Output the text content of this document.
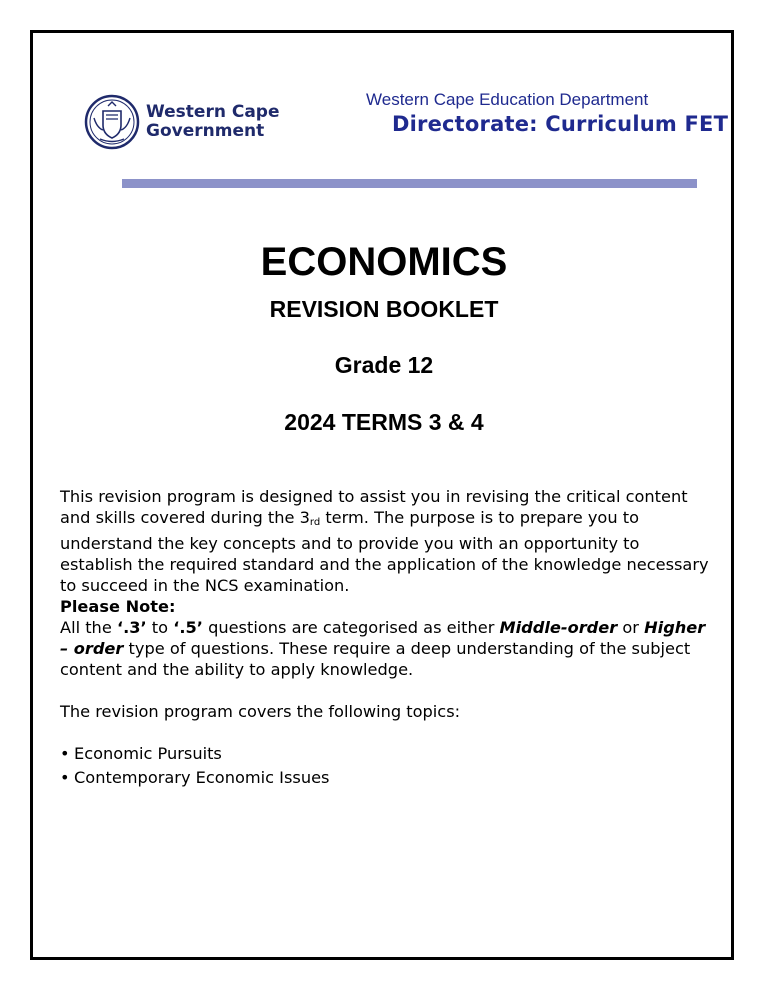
Western Cape
Government
Western Cape Education Department
Directorate: Curriculum FET
ECONOMICS
REVISION BOOKLET
Grade 12
2024 TERMS 3 & 4

This revision program is designed to assist you in revising the critical content and skills covered during the $3_{rd}$ term. The purpose is to prepare you to understand the key concepts and to provide you with an opportunity to establish the required standard and the application of the knowledge necessary to succeed in the NCS examination.

Please Note:

All the ‘.3’ to ‘.5’ questions are categorised as either Middle-order or Higher – order type of questions. These require a deep understanding of the subject content and the ability to apply knowledge.

The revision program covers the following topics:

• Economic Pursuits
• Contemporary Economic Issues
